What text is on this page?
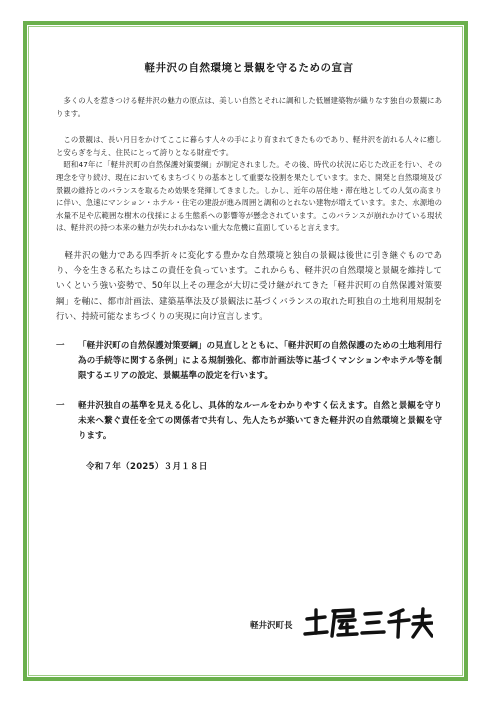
軽井沢の自然環境と景観を守るための宣言

多くの人を惹きつける軽井沢の魅力の原点は、美しい自然とそれに調和した低層建築物が織りなす独自の景観にあります。

この景観は、長い月日をかけてここに暮らす人々の手により育まれてきたものであり、軽井沢を訪れる人々に癒しと安らぎを与え、住民にとって誇りとなる財産です。

昭和47年に「軽井沢町の自然保護対策要綱」が制定されました。その後、時代の状況に応じた改正を行い、その理念を守り続け、現在においてもまちづくりの基本として重要な役割を果たしています。また、開発と自然環境及び景観の維持とのバランスを取るため効果を発揮してきました。しかし、近年の居住地・滞在地としての人気の高まりに伴い、急速にマンション・ホテル・住宅の建設が進み周囲と調和のとれない建物が増えています。また、水源地の水量不足や広範囲な樹木の伐採による生態系への影響等が懸念されています。このバランスが崩れかけている現状は、軽井沢の持つ本来の魅力が失われかねない重大な危機に直面していると言えます。

軽井沢の魅力である四季折々に変化する豊かな自然環境と独自の景観は後世に引き継ぐものであり、今を生きる私たちはこの責任を負っています。これからも、軽井沢の自然環境と景観を維持していくという強い姿勢で、50年以上その理念が大切に受け継がれてきた「軽井沢町の自然保護対策要綱」を軸に、都市計画法、建築基準法及び景観法に基づくバランスの取れた町独自の土地利用規制を行い、持続可能なまちづくりの実現に向け宣言します。

一	「軽井沢町の自然保護対策要綱」の見直しとともに、「軽井沢町の自然保護のための土地利用行為の手続等に関する条例」による規制強化、都市計画法等に基づくマンションやホテル等を制限するエリアの設定、景観基準の設定を行います。
一	軽井沢独自の基準を見える化し、具体的なルールをわかりやすく伝えます。自然と景観を守り未来へ繋ぐ責任を全ての関係者で共有し、先人たちが築いてきた軽井沢の自然環境と景観を守ります。
令和７年（2025）３月１８日
軽井沢町長
